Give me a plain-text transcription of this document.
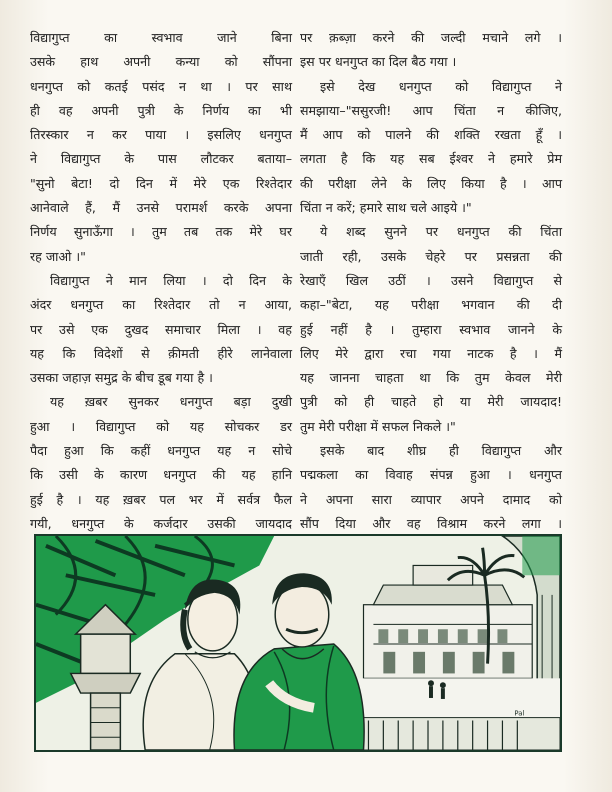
विद्यागुप्त का स्वभाव जाने बिना

उसके हाथ अपनी कन्या को सौंपना

धनगुप्त को कतई पसंद न था । पर साथ

ही वह अपनी पुत्री के निर्णय का भी

तिरस्कार न कर पाया । इसलिए धनगुप्त

ने विद्यागुप्त के पास लौटकर बताया–

"सुनो बेटा! दो दिन में मेरे एक रिश्तेदार

आनेवाले हैं, मैं उनसे परामर्श करके अपना

निर्णय सुनाऊँगा । तुम तब तक मेरे घर

रह जाओ ।"

विद्यागुप्त ने मान लिया । दो दिन के

अंदर धनगुप्त का रिश्तेदार तो न आया,

पर उसे एक दुखद समाचार मिला । वह

यह कि विदेशों से क़ीमती हीरे लानेवाला

उसका जहाज़ समुद्र के बीच डूब गया है ।

यह ख़बर सुनकर धनगुप्त बड़ा दुखी

हुआ । विद्यागुप्त को यह सोचकर डर

पैदा हुआ कि कहीं धनगुप्त यह न सोचे

कि उसी के कारण धनगुप्त की यह हानि

हुई है । यह ख़बर पल भर में सर्वत्र फैल

गयी, धनगुप्त के कर्जदार उसकी जायदाद

पर क़ब्ज़ा करने की जल्दी मचाने लगे ।

इस पर धनगुप्त का दिल बैठ गया ।

इसे देख धनगुप्त को विद्यागुप्त ने

समझाया–"ससुरजी! आप चिंता न कीजिए,

मैं आप को पालने की शक्ति रखता हूँ ।

लगता है कि यह सब ईश्वर ने हमारे प्रेम

की परीक्षा लेने के लिए किया है । आप

चिंता न करें; हमारे साथ चले आइये ।"

ये शब्द सुनने पर धनगुप्त की चिंता

जाती रही, उसके चेहरे पर प्रसन्नता की

रेखाएँ खिल उठीं । उसने विद्यागुप्त से

कहा–"बेटा, यह परीक्षा भगवान की दी

हुई नहीं है । तुम्हारा स्वभाव जानने के

लिए मेरे द्वारा रचा गया नाटक है । मैं

यह जानना चाहता था कि तुम केवल मेरी

पुत्री को ही चाहते हो या मेरी जायदाद!

तुम मेरी परीक्षा में सफल निकले ।"

इसके बाद शीघ्र ही विद्यागुप्त और

पद्मकला का विवाह संपन्न हुआ । धनगुप्त

ने अपना सारा व्यापार अपने दामाद को

सौंप दिया और वह विश्राम करने लगा ।

Pal
